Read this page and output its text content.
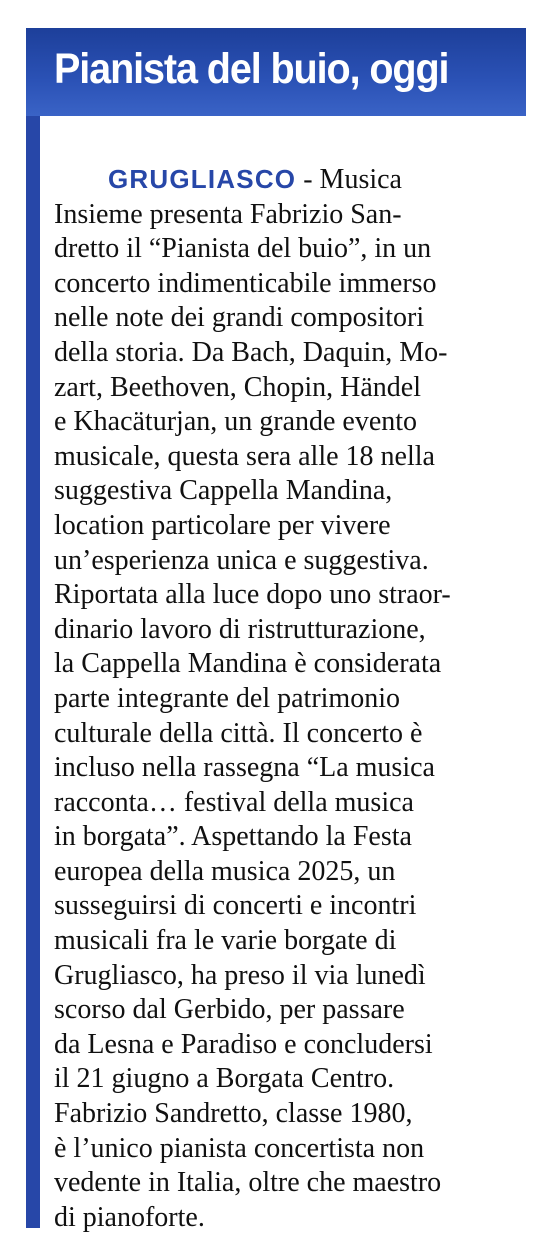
Pianista del buio, oggi

GRUGLIASCO - Musica
Insieme presenta Fabrizio San-
dretto il “Pianista del buio”, in un
concerto indimenticabile immerso
nelle note dei grandi compositori
della storia. Da Bach, Daquin, Mo-
zart, Beethoven, Chopin, Händel
e Khacäturjan, un grande evento
musicale, questa sera alle 18 nella
suggestiva Cappella Mandina,
location particolare per vivere
un’esperienza unica e suggestiva.
Riportata alla luce dopo uno straor-
dinario lavoro di ristrutturazione,
la Cappella Mandina è considerata
parte integrante del patrimonio
culturale della città. Il concerto è
incluso nella rassegna “La musica
racconta… festival della musica
in borgata”. Aspettando la Festa
europea della musica 2025, un
susseguirsi di concerti e incontri
musicali fra le varie borgate di
Grugliasco, ha preso il via lunedì
scorso dal Gerbido, per passare
da Lesna e Paradiso e concludersi
il 21 giugno a Borgata Centro.
Fabrizio Sandretto, classe 1980,
è l’unico pianista concertista non
vedente in Italia, oltre che maestro
di pianoforte.
